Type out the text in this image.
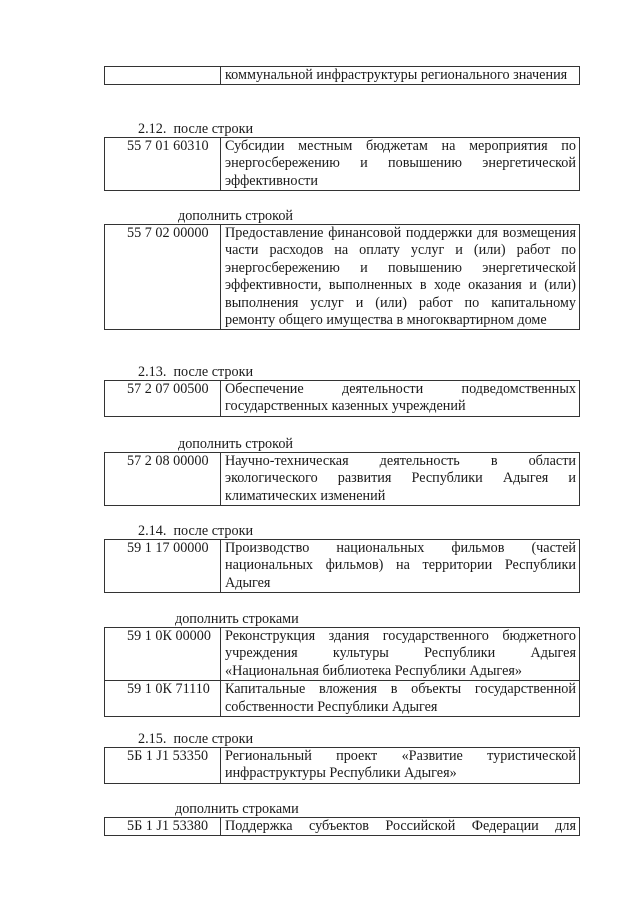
	коммунальной инфраструктуры регионального значения
2.12. после строки
55 7 01 60310	Субсидии местным бюджетам на мероприятия по энергосбережению и повышению энергетической эффективности
дополнить строкой
55 7 02 00000	Предоставление финансовой поддержки для возмещения части расходов на оплату услуг и (или) работ по энергосбережению и повышению энергетической эффективности, выполненных в ходе оказания и (или) выполнения услуг и (или) работ по капитальному ремонту общего имущества в многоквартирном доме
2.13. после строки
57 2 07 00500	Обеспечение деятельности подведомственных государственных казенных учреждений
дополнить строкой
57 2 08 00000	Научно-техническая деятельность в области экологического развития Республики Адыгея и климатических изменений
2.14. после строки
59 1 17 00000	Производство национальных фильмов (частей национальных фильмов) на территории Республики Адыгея
дополнить строками
59 1 0К 00000	Реконструкция здания государственного бюджетного учреждения культуры Республики Адыгея «Национальная библиотека Республики Адыгея»
59 1 0К 71110	Капитальные вложения в объекты государственной собственности Республики Адыгея
2.15. после строки
5Б 1 J1 53350	Региональный проект «Развитие туристической инфраструктуры Республики Адыгея»
дополнить строками
5Б 1 J1 53380	Поддержка субъектов Российской Федерации для
